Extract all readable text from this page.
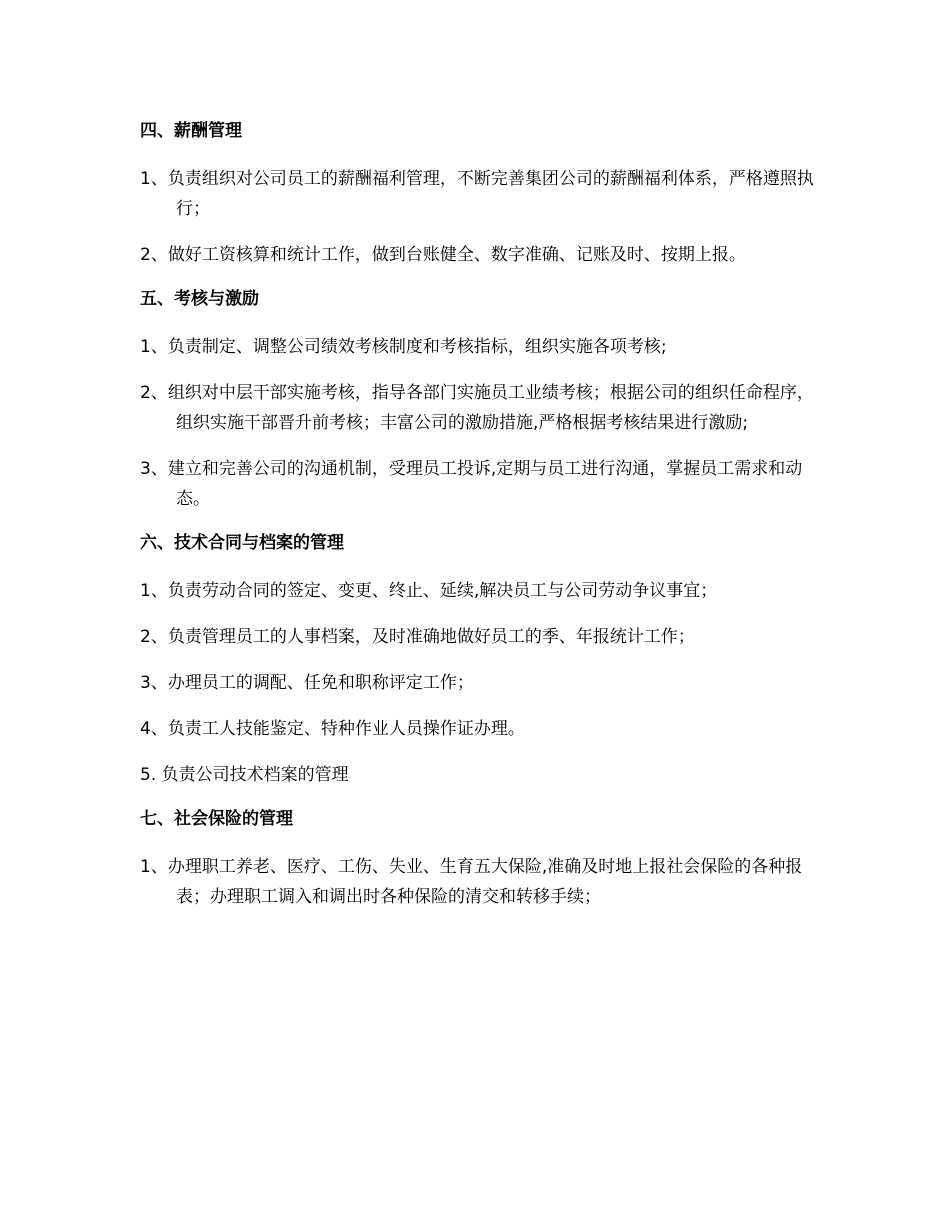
四、薪酬管理
1、负责组织对公司员工的薪酬福利管理，不断完善集团公司的薪酬福利体系，严格遵照执行；
2、做好工资核算和统计工作，做到台账健全、数字准确、记账及时、按期上报。
五、考核与激励
1、负责制定、调整公司绩效考核制度和考核指标，组织实施各项考核;
2、组织对中层干部实施考核，指导各部门实施员工业绩考核；根据公司的组织任命程序，组织实施干部晋升前考核；丰富公司的激励措施,严格根据考核结果进行激励;
3、建立和完善公司的沟通机制，受理员工投诉,定期与员工进行沟通，掌握员工需求和动态。
六、技术合同与档案的管理
1、负责劳动合同的签定、变更、终止、延续,解决员工与公司劳动争议事宜；
2、负责管理员工的人事档案，及时准确地做好员工的季、年报统计工作；
3、办理员工的调配、任免和职称评定工作；
4、负责工人技能鉴定、特种作业人员操作证办理。
5. 负责公司技术档案的管理
七、社会保险的管理
1、办理职工养老、医疗、工伤、失业、生育五大保险,准确及时地上报社会保险的各种报表；办理职工调入和调出时各种保险的清交和转移手续；
